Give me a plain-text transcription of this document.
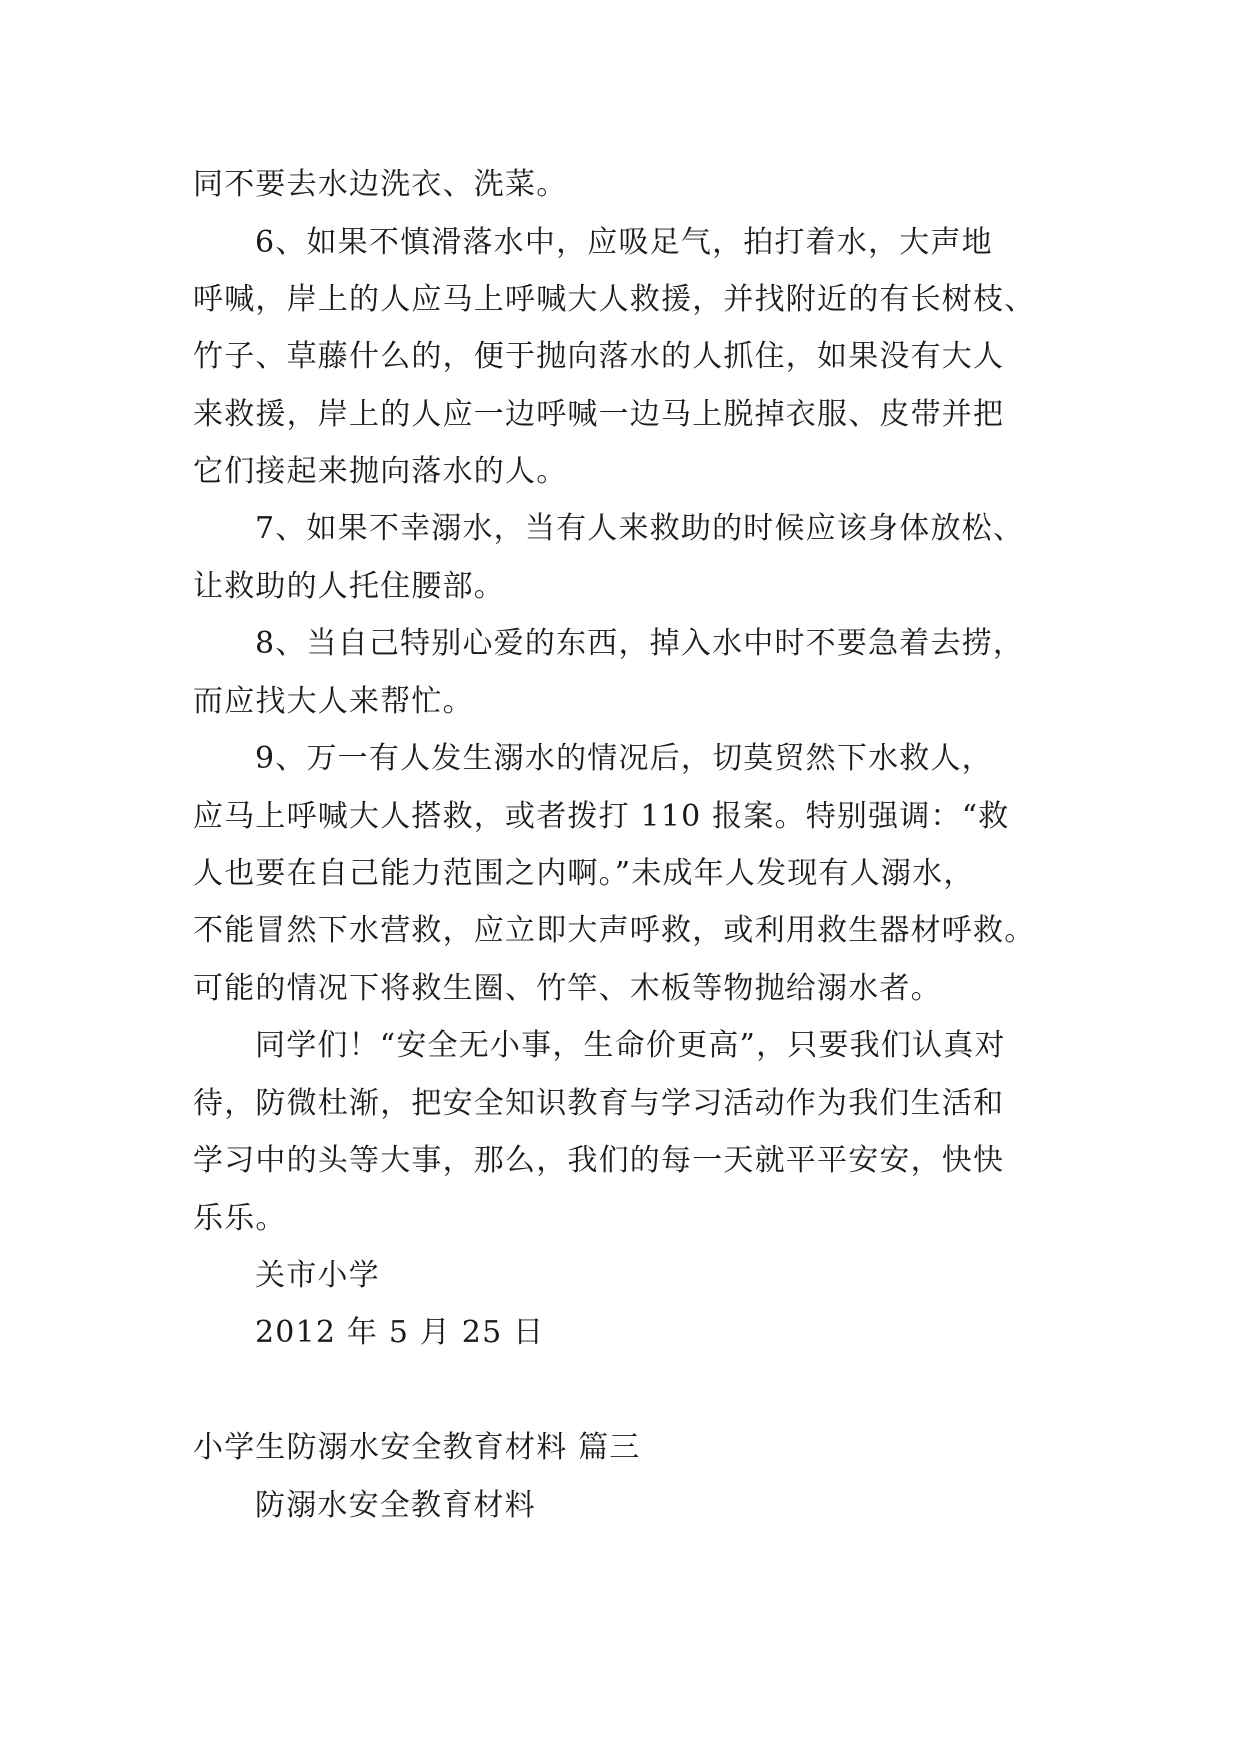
同不要去水边洗衣、洗菜。
6、如果不慎滑落水中，应吸足气，拍打着水，大声地
呼喊，岸上的人应马上呼喊大人救援，并找附近的有长树枝、
竹子、草藤什么的，便于抛向落水的人抓住，如果没有大人
来救援，岸上的人应一边呼喊一边马上脱掉衣服、皮带并把
它们接起来抛向落水的人。
7、如果不幸溺水，当有人来救助的时候应该身体放松、
让救助的人托住腰部。
8、当自己特别心爱的东西，掉入水中时不要急着去捞，
而应找大人来帮忙。
9、万一有人发生溺水的情况后，切莫贸然下水救人，
应马上呼喊大人搭救，或者拨打 110 报案。特别强调：“救
人也要在自己能力范围之内啊。”未成年人发现有人溺水，
不能冒然下水营救，应立即大声呼救，或利用救生器材呼救。
可能的情况下将救生圈、竹竿、木板等物抛给溺水者。
同学们！“安全无小事，生命价更高”，只要我们认真对
待，防微杜渐，把安全知识教育与学习活动作为我们生活和
学习中的头等大事，那么，我们的每一天就平平安安，快快
乐乐。
关市小学
2012 年 5 月 25 日
小学生防溺水安全教育材料 篇三
防溺水安全教育材料
